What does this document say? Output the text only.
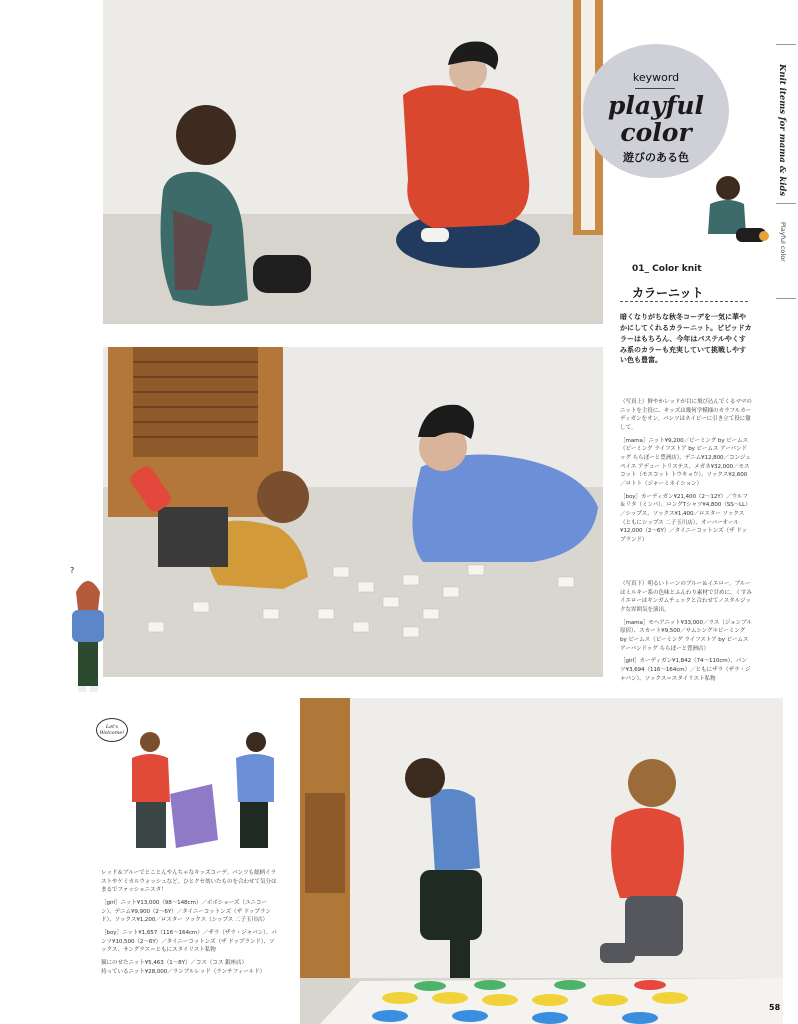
?
Let's Welcome!
keyword
playful
color
遊びのある色	Knit items for mama & kids
Playful color
01_ Color knit
カラーニット
暗くなりがちな秋冬コーデを一気に華やかにしてくれるカラーニット。ビビッドカラーはもちろん、今年はパステルやくすみ系のカラーも充実していて挑戦しやすい色も豊富。

（写真上）鮮やかレッドが目に飛び込んでくるママのニットを主役に、キッズは幾何学模様のカラフルカーディガンをオン。パンツはネイビーに引き立て役に徹して。

［mama］ニット¥9,200／ビーミング by ビームス（ビーミング ライフストア by ビームス アーバンドッグ ららぽーと豊洲店）、デニム¥12,800／コンジェ ペイエ アデュー トリステス、メガネ¥32,000／モスコット（モスコット トウキョウ）、ソックス¥2,600／ロトト（ジャーミネイション）

［boy］カーディガン¥21,400（2〜12Y）／ウルフ＆リタ（ミンバ）、ロングTシャツ¥4,800（SS〜LL）／シップス、ソックス¥1,400／ロスター ソックス（ともにシップス 二子玉川店）、オーバーオール¥12,000（2〜6Y）／タイニーコットンズ（ザ ドップランド）

（写真下）明るいトーンのブルー＆イエロー。ブルーはミルキー系の色味とふんわり素材で甘めに、くすみイエローはギンガムチェックと合わせてノスタルジックな雰囲気を演出。

［mama］モヘアニット¥33,000／ラス（ジョンブル 原宿）、スカート¥9,500／サムシング＊ビーミング by ビームス（ビーミング ライフストア by ビームス アーバンドッグ ららぽーと豊洲店）

［girl］カーディガン¥1,842（74〜110cm）、パンツ¥3,694（116〜164cm）／ともにザラ（ザラ・ジャパン）、ソックス＝スタイリスト私物

レッド＆ブルーでとことんやんちゃなキッズコーデ。パンツも総柄イラストやケミカルウォッシュなど、ひとクセ効いたものを合わせて気分はまるでファッショニスタ！

［girl］ニット¥13,000（98〜148cm）／ボボショーズ（ユニコーン）、デニム¥9,900（2〜6Y）／タイニーコットンズ（ザ ドップランド）、ソックス¥1,200／ロスター ソックス（シップス 二子玉川店）

［boy］ニット¥1,657（116〜164cm）／ザラ（ザラ・ジャパン）、パンツ¥10,500（2〜6Y）／タイニーコットンズ（ザ ドップランド）、ソックス、サングラス＝ともにスタイリスト私物

猫にのせたニット¥5,463（1〜8Y）／コス（コス 銀座店）

持っているニット¥28,000／ランブルレッド（ランチフィールド）

58
